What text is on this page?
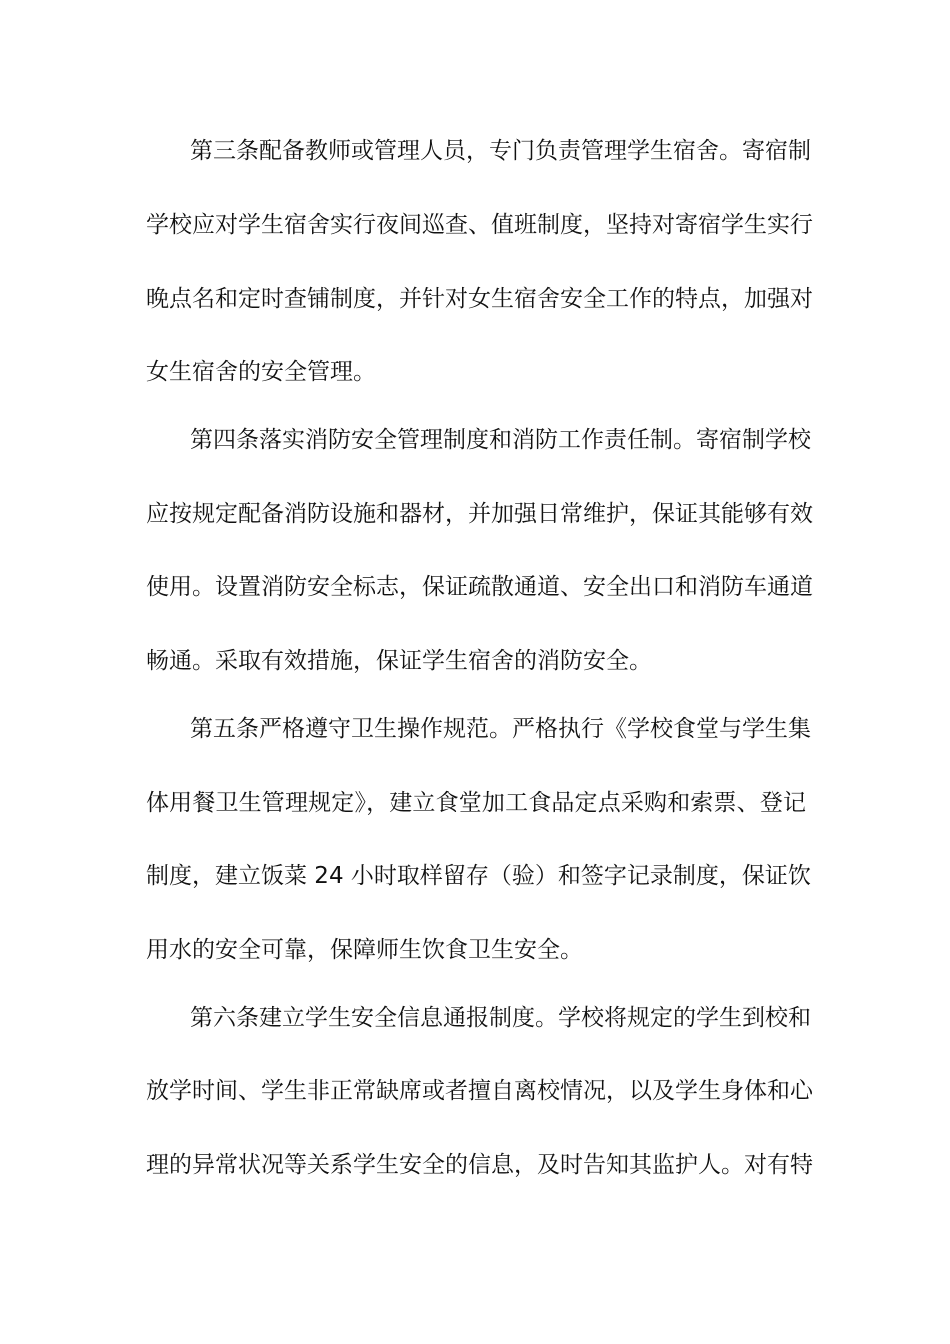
第三条配备教师或管理人员，专门负责管理学生宿舍。寄宿制
学校应对学生宿舍实行夜间巡查、值班制度，坚持对寄宿学生实行
晚点名和定时查铺制度，并针对女生宿舍安全工作的特点，加强对
女生宿舍的安全管理。
第四条落实消防安全管理制度和消防工作责任制。寄宿制学校
应按规定配备消防设施和器材，并加强日常维护，保证其能够有效
使用。设置消防安全标志，保证疏散通道、安全出口和消防车通道
畅通。采取有效措施，保证学生宿舍的消防安全。
第五条严格遵守卫生操作规范。严格执行《学校食堂与学生集
体用餐卫生管理规定》，建立食堂加工食品定点采购和索票、登记
制度，建立饭菜 24 小时取样留存（验）和签字记录制度，保证饮
用水的安全可靠，保障师生饮食卫生安全。
第六条建立学生安全信息通报制度。学校将规定的学生到校和
放学时间、学生非正常缺席或者擅自离校情况，以及学生身体和心
理的异常状况等关系学生安全的信息，及时告知其监护人。对有特
